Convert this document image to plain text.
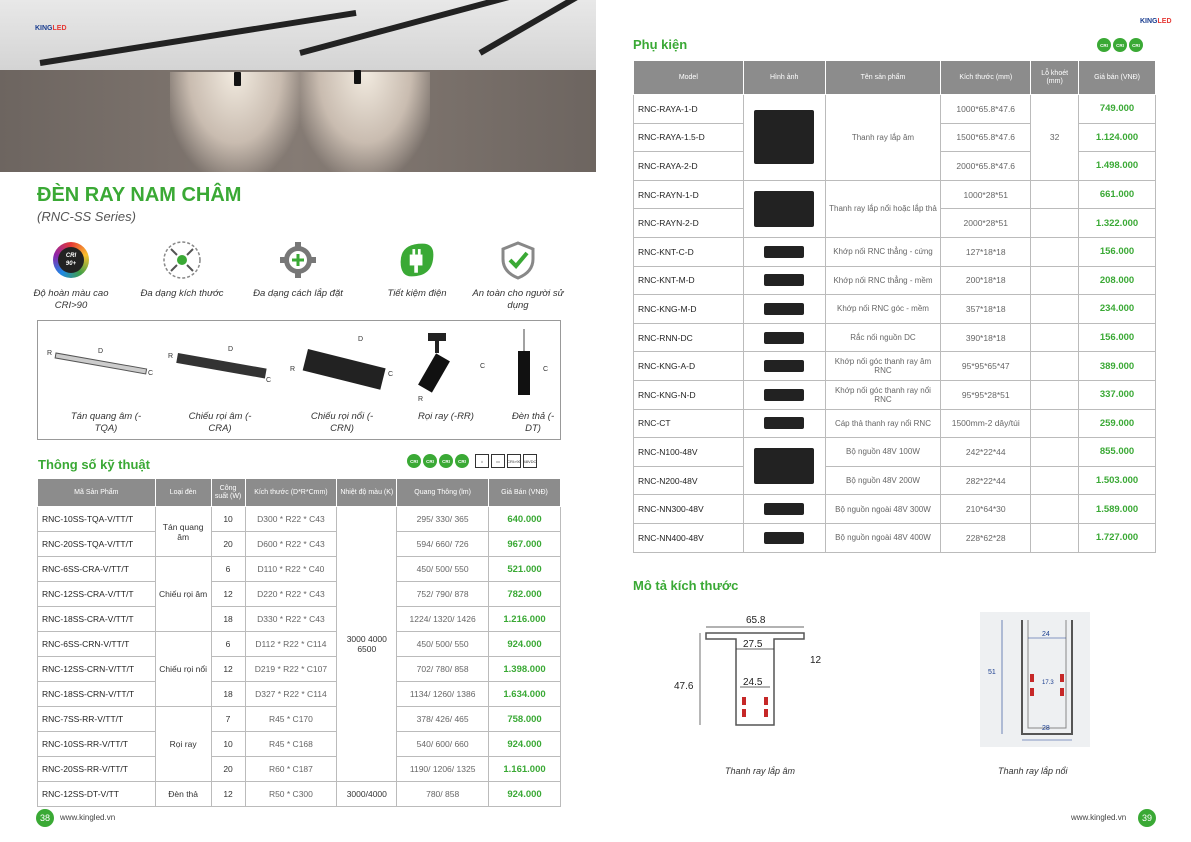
KINGLED
ĐÈN RAY NAM CHÂM
(RNC-SS Series)
CRI
90+
Độ hoàn màu cao CRI>90
Đa dạng kích thước	Đa dạng cách lắp đặt	Tiết kiệm điện	An toàn cho người sử dụng
D
R
C
D
R
C
D
R
C
R
C	C
Tán quang âm (-TQA)
Chiếu rọi âm (-CRA)
Chiếu rọi nổi (-CRN)
Rọi ray (-RR)	Đèn thả (-DT)
Thông số kỹ thuật	CRI	CRI	CRI	CRI	⌂	▭	CRI>90 48VDC
Mã Sản Phẩm	Loại đèn	Công suất (W)	Kích thước (D*R*Cmm)	Nhiệt độ màu (K)	Quang Thông (lm)	Giá Bán (VNĐ)
RNC-10SS-TQA-V/TT/T	Tán quang âm	10	D300 * R22 * C43	3000 4000 6500	295/ 330/ 365	640.000
RNC-20SS-TQA-V/TT/T		20	D600 * R22 * C43		594/ 660/ 726	967.000
RNC-6SS-CRA-V/TT/T	Chiếu rọi âm	6	D110 * R22 * C40		450/ 500/ 550	521.000
RNC-12SS-CRA-V/TT/T		12	D220 * R22 * C43		752/ 790/ 878	782.000
RNC-18SS-CRA-V/TT/T		18	D330 * R22 * C43		1224/ 1320/ 1426	1.216.000
RNC-6SS-CRN-V/TT/T	Chiếu rọi nổi	6	D112 * R22 * C114		450/ 500/ 550	924.000
RNC-12SS-CRN-V/TT/T		12	D219 * R22 * C107		702/ 780/ 858	1.398.000
RNC-18SS-CRN-V/TT/T		18	D327 * R22 * C114		1134/ 1260/ 1386	1.634.000
RNC-7SS-RR-V/TT/T	Rọi ray	7	R45 * C170		378/ 426/ 465	758.000
RNC-10SS-RR-V/TT/T		10	R45 * C168		540/ 600/ 660	924.000
RNC-20SS-RR-V/TT/T		20	R60 * C187		1190/ 1206/ 1325	1.161.000
RNC-12SS-DT-V/TT	Đèn thả	12	R50 * C300	3000/4000	780/ 858	924.000
38	www.kingled.vn
KINGLED
Phụ kiện	CRI	CRI	CRI
Model	Hình ảnh	Tên sản phẩm	Kích thước (mm)	Lỗ khoét (mm)	Giá bán (VNĐ)
RNC-RAYA-1-D		Thanh ray lắp âm	1000*65.8*47.6	32	749.000
RNC-RAYA-1.5-D			1500*65.8*47.6		1.124.000
RNC-RAYA-2-D			2000*65.8*47.6		1.498.000
RNC-RAYN-1-D		Thanh ray lắp nổi hoặc lắp thả	1000*28*51		661.000
RNC-RAYN-2-D			2000*28*51		1.322.000
RNC-KNT-C-D		Khớp nối RNC thẳng - cứng	127*18*18		156.000
RNC-KNT-M-D		Khớp nối RNC thẳng - mềm	200*18*18		208.000
RNC-KNG-M-D		Khớp nối RNC góc - mềm	357*18*18		234.000
RNC-RNN-DC		Rắc nối nguồn DC	390*18*18		156.000
RNC-KNG-A-D		Khớp nối góc thanh ray âm RNC	95*95*65*47		389.000
RNC-KNG-N-D		Khớp nối góc thanh ray nổi RNC	95*95*28*51		337.000
RNC-CT		Cáp thả thanh ray nổi RNC	1500mm-2 dây/túi		259.000
RNC-N100-48V		Bộ nguồn 48V 100W	242*22*44		855.000
RNC-N200-48V		Bộ nguồn 48V 200W	282*22*44		1.503.000
RNC-NN300-48V		Bộ nguồn ngoài 48V 300W	210*64*30		1.589.000
RNC-NN400-48V		Bộ nguồn ngoài 48V 400W	228*62*28		1.727.000
Mô tả kích thước
65.8
27.5
12
47.6	24.5
Thanh ray lắp âm
24
51
17.3
28
Thanh ray lắp nổi
www.kingled.vn	39
